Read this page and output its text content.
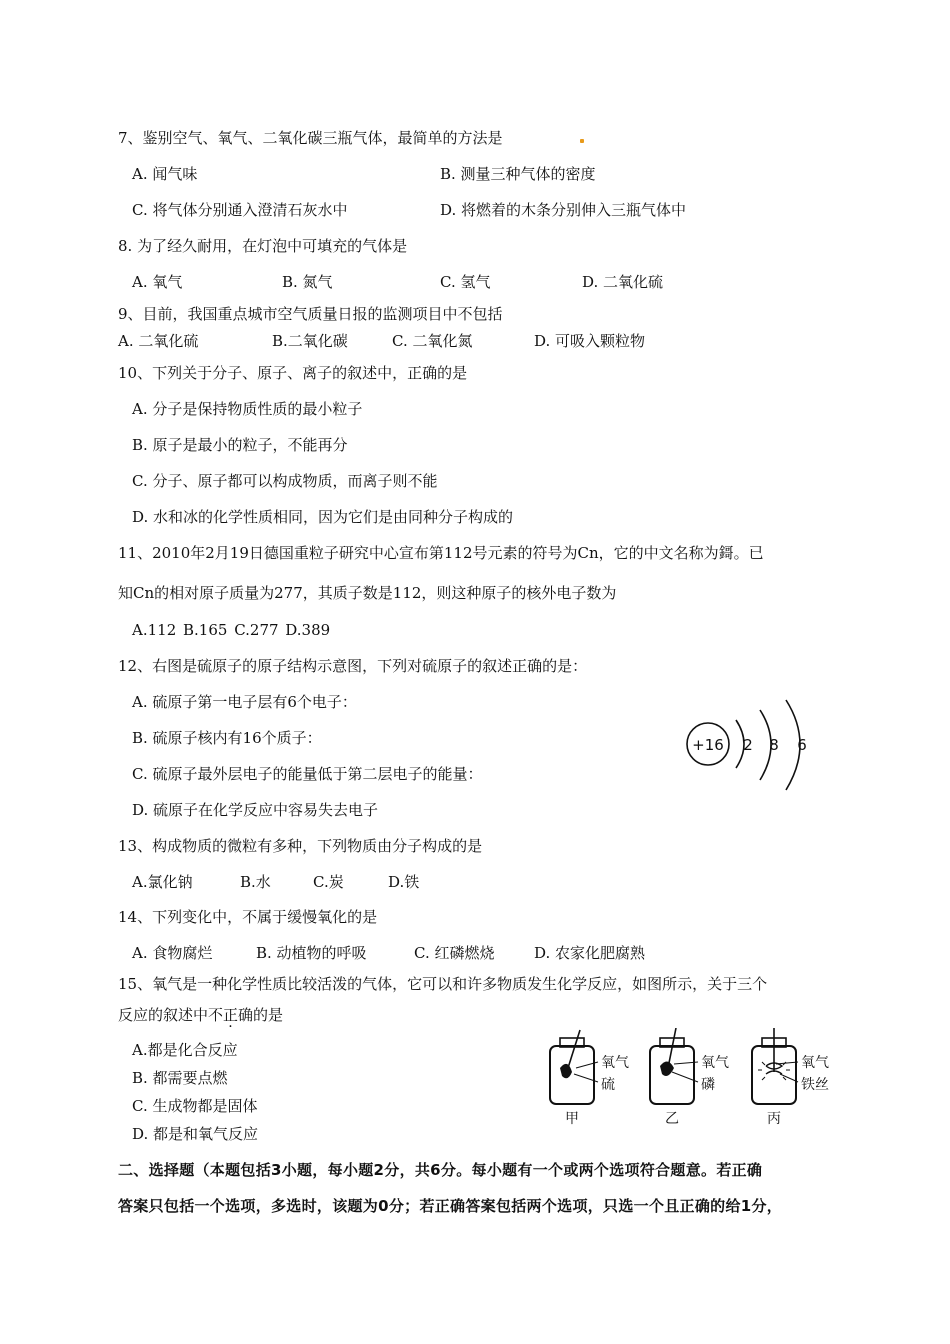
7、鉴别空气、氧气、二氧化碳三瓶气体，最简单的方法是
A. 闻气味	B. 测量三种气体的密度
C. 将气体分别通入澄清石灰水中	D. 将燃着的木条分别伸入三瓶气体中
8. 为了经久耐用，在灯泡中可填充的气体是
A. 氧气	B. 氮气	C. 氢气	D. 二氧化硫
9、目前，我国重点城市空气质量日报的监测项目中不包括
A. 二氧化硫	B.二氧化碳	C. 二氧化氮	D. 可吸入颗粒物
10、下列关于分子、原子、离子的叙述中，正确的是
A. 分子是保持物质性质的最小粒子
B. 原子是最小的粒子，不能再分
C. 分子、原子都可以构成物质，而离子则不能
D. 水和冰的化学性质相同，因为它们是由同种分子构成的
11、2010年2月19日德国重粒子研究中心宣布第112号元素的符号为Cn，它的中文名称为鎶。已
知Cn的相对原子质量为277，其质子数是112，则这种原子的核外电子数为
A.112 B.165 C.277 D.389
12、右图是硫原子的原子结构示意图，下列对硫原子的叙述正确的是：
A. 硫原子第一电子层有6个电子：
B. 硫原子核内有16个质子：
C. 硫原子最外层电子的能量低于第二层电子的能量：
D. 硫原子在化学反应中容易失去电子
+16 2 8 6
13、构成物质的微粒有多种，下列物质由分子构成的是
A.氯化钠	B.水	C.炭	D.铁
14、下列变化中，不属于缓慢氧化的是
A. 食物腐烂	B. 动植物的呼吸	C. 红磷燃烧	D. 农家化肥腐熟
15、氧气是一种化学性质比较活泼的气体，它可以和许多物质发生化学反应，如图所示，关于三个
反应的叙述中不正确的是
A.都是化合反应
B. 都需要点燃
C. 生成物都是固体
D. 都是和氧气反应
氧气
硫
甲
氧气
磷
乙
氧气
铁丝
丙
二、选择题（本题包括3小题，每小题2分，共6分。每小题有一个或两个选项符合题意。若正确
答案只包括一个选项，多选时，该题为0分；若正确答案包括两个选项，只选一个且正确的给1分，
